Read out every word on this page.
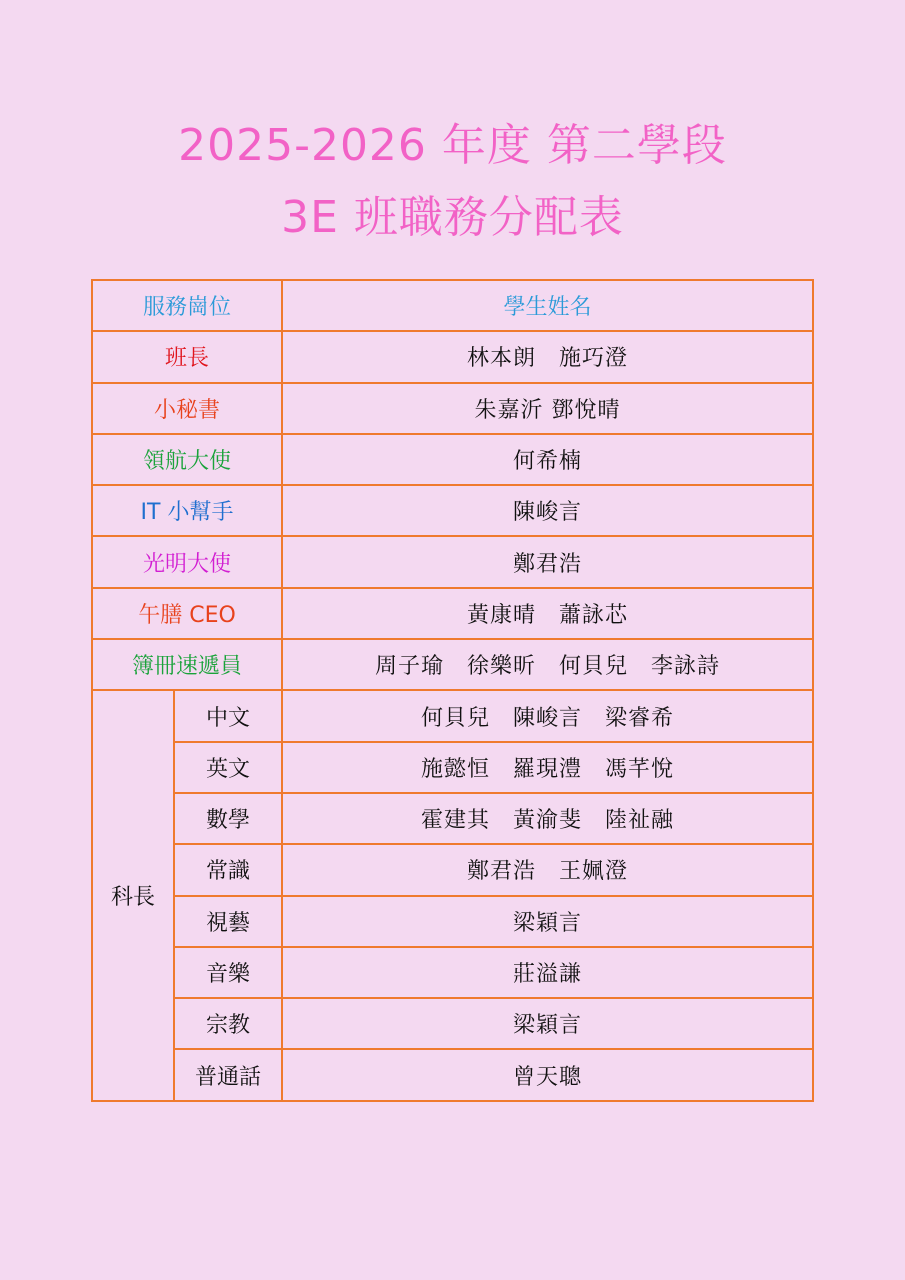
2025-2026 年度 第二學段
3E 班職務分配表
服務崗位		學生姓名
班長		林本朗　施巧澄
小秘書		朱嘉沂 鄧悅晴
領航大使		何希楠
IT 小幫手		陳峻言
光明大使		鄭君浩
午膳 CEO		黃康晴　蕭詠芯
簿冊速遞員		周子瑜　徐樂昕　何貝兒　李詠詩
科長	中文	何貝兒　陳峻言　梁睿希
	英文	施懿恒　羅現澧　馮芊悅
	數學	霍建其　黃渝斐　陸祉融
	常識	鄭君浩　王姵澄
	視藝	梁穎言
	音樂	莊溢謙
	宗教	梁穎言
	普通話	曾天聰
